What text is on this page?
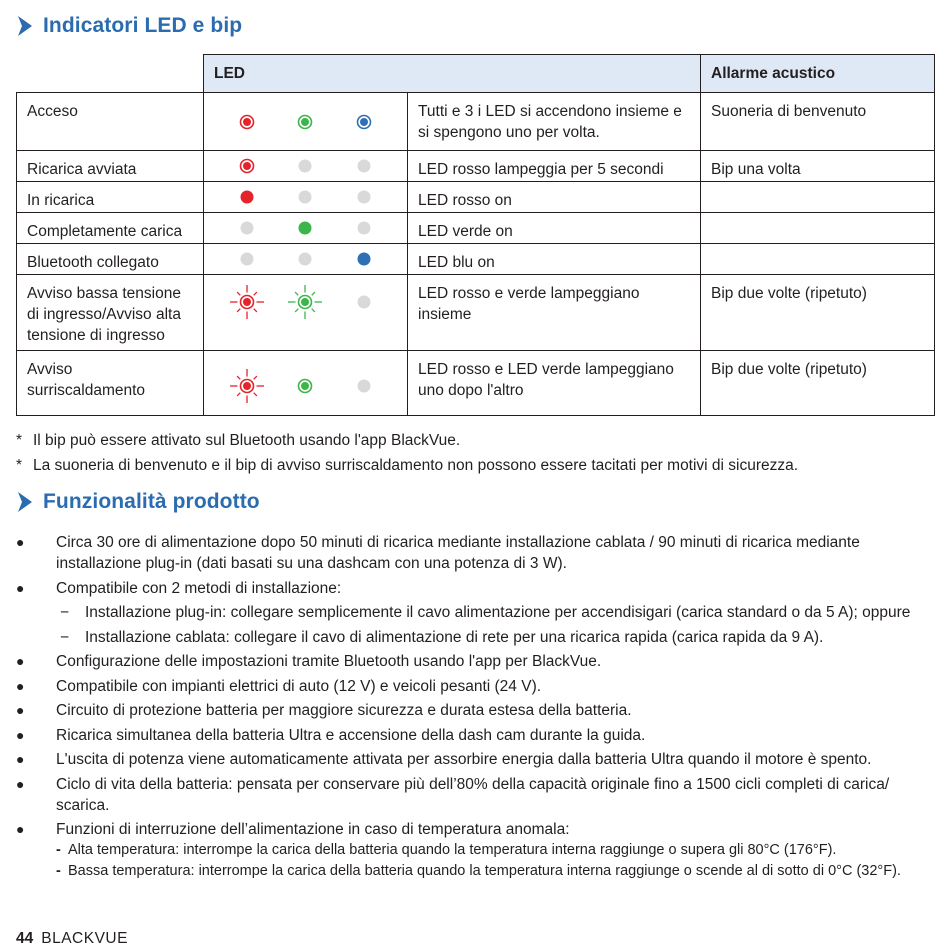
Indicatori LED e bip
	LED		Allarme acustico
Acceso		Tutti e 3 i LED si accendono insieme e si spengono uno per volta.	Suoneria di benvenuto
Ricarica avviata		LED rosso lampeggia per 5 secondi	Bip una volta
In ricarica		LED rosso on	
Completamente carica		LED verde on	
Bluetooth collegato		LED blu on	
Avviso bassa tensione di ingresso/Avviso alta tensione di ingresso		LED rosso e verde lampeggiano insieme	Bip due volte (ripetuto)
Avviso surriscaldamento		LED rosso e LED verde lampeggiano uno dopo l'altro	Bip due volte (ripetuto)
* Il bip può essere attivato sul Bluetooth usando l'app BlackVue.
* La suoneria di benvenuto e il bip di avviso surriscaldamento non possono essere tacitati per motivi di sicurezza.
Funzionalità prodotto
●	Circa 30 ore di alimentazione dopo 50 minuti di ricarica mediante installazione cablata / 90 minuti di ricarica mediante installazione plug-in (dati basati su una dashcam con una potenza di 3 W).
●	Compatibile con 2 metodi di installazione:
−	Installazione plug-in: collegare semplicemente il cavo alimentazione per accendisigari (carica standard o da 5 A); oppure
−	Installazione cablata: collegare il cavo di alimentazione di rete per una ricarica rapida (carica rapida da 9 A).
●	Configurazione delle impostazioni tramite Bluetooth usando l'app per BlackVue.
●	Compatibile con impianti elettrici di auto (12 V) e veicoli pesanti (24 V).
●	Circuito di protezione batteria per maggiore sicurezza e durata estesa della batteria.
●	Ricarica simultanea della batteria Ultra e accensione della dash cam durante la guida.
●	L'uscita di potenza viene automaticamente attivata per assorbire energia dalla batteria Ultra quando il motore è spento.
●	Ciclo di vita della batteria: pensata per conservare più dell’80% della capacità originale fino a 1500 cicli completi di carica/ scarica.
●	Funzioni di interruzione dell’alimentazione in caso di temperatura anomala:
- Alta temperatura: interrompe la carica della batteria quando la temperatura interna raggiunge o supera gli 80°C (176°F).
- Bassa temperatura: interrompe la carica della batteria quando la temperatura interna raggiunge o scende al di sotto di 0°C (32°F).
44 BLACKVUE
